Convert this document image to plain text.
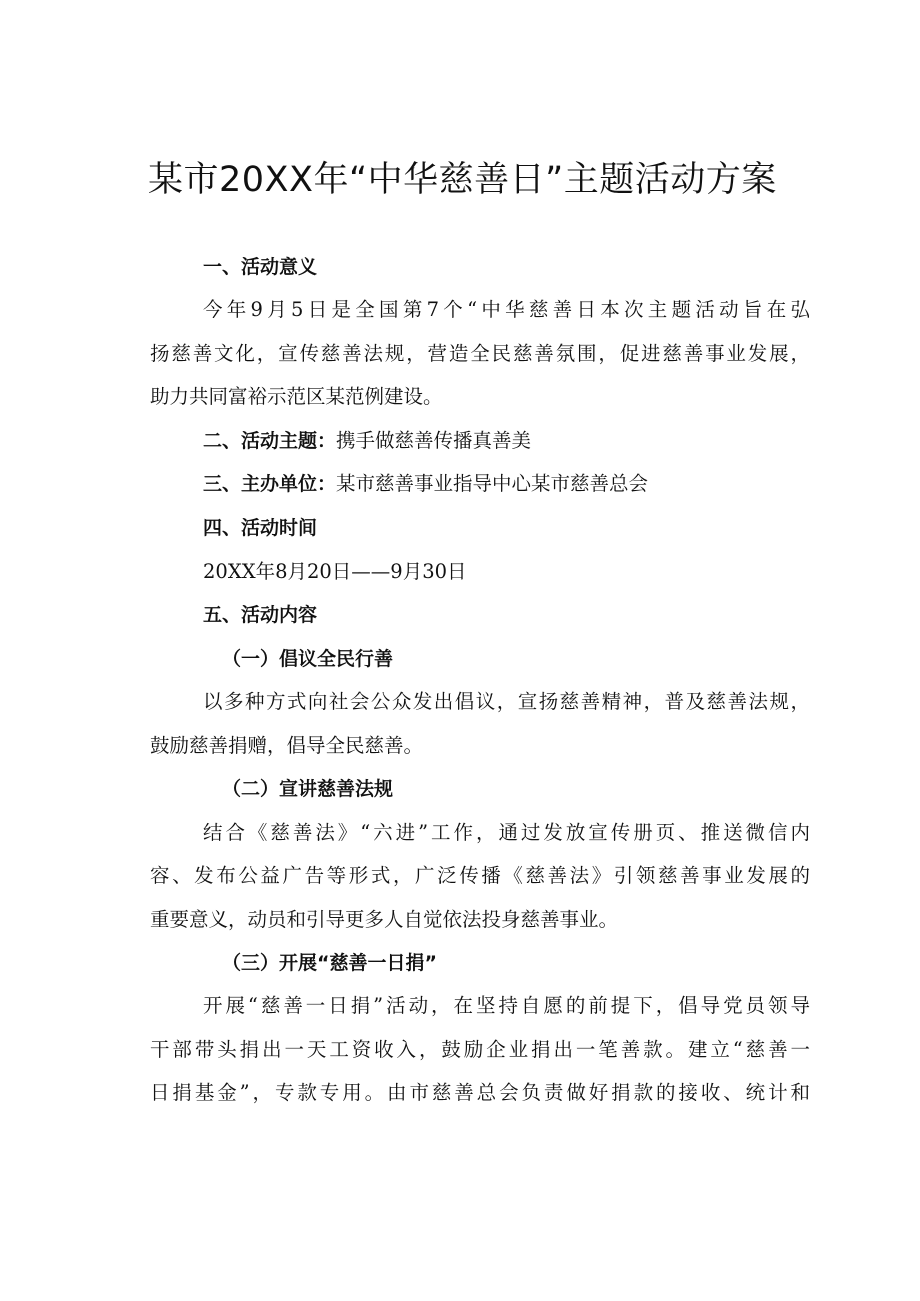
某市20XX年“中华慈善日”主题活动方案
一、活动意义
今年9月5日是全国第7个“中华慈善日本次主题活动旨在弘
扬慈善文化，宣传慈善法规，营造全民慈善氛围，促进慈善事业发展，
助力共同富裕示范区某范例建设。
二、活动主题：携手做慈善传播真善美
三、主办单位：某市慈善事业指导中心某市慈善总会
四、活动时间
20XX年8月20日——9月30日
五、活动内容
（一）倡议全民行善
以多种方式向社会公众发出倡议，宣扬慈善精神，普及慈善法规，
鼓励慈善捐赠，倡导全民慈善。
（二）宣讲慈善法规
结合《慈善法》“六进”工作，通过发放宣传册页、推送微信内
容、发布公益广告等形式，广泛传播《慈善法》引领慈善事业发展的
重要意义，动员和引导更多人自觉依法投身慈善事业。
（三）开展“慈善一日捐”
开展“慈善一日捐”活动，在坚持自愿的前提下，倡导党员领导
干部带头捐出一天工资收入，鼓励企业捐出一笔善款。建立“慈善一
日捐基金”，专款专用。由市慈善总会负责做好捐款的接收、统计和
